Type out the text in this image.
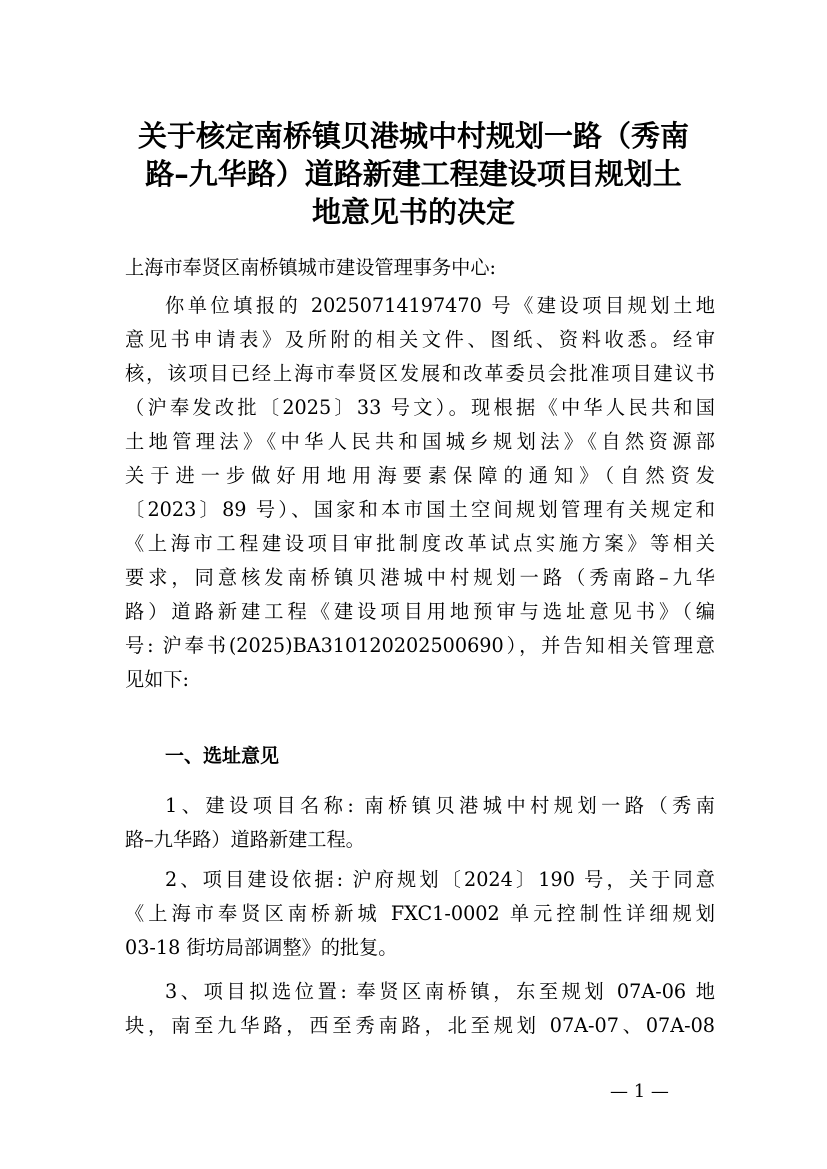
关于核定南桥镇贝港城中村规划一路（秀南
路–九华路）道路新建工程建设项目规划土
地意见书的决定
上海市奉贤区南桥镇城市建设管理事务中心:
你单位填报的 20250714197470 号《建设项目规划土地
意见书申请表》及所附的相关文件、图纸、资料收悉。经审
核，该项目已经上海市奉贤区发展和改革委员会批准项目建议书
（沪奉发改批〔2025〕33 号文）。现根据《中华人民共和国
土地管理法》《中华人民共和国城乡规划法》《自然资源部
关于进一步做好用地用海要素保障的通知》（自然资发
〔2023〕89 号）、国家和本市国土空间规划管理有关规定和
《上海市工程建设项目审批制度改革试点实施方案》等相关
要求，同意核发南桥镇贝港城中村规划一路（秀南路–九华
路）道路新建工程《建设项目用地预审与选址意见书》（编
号: 沪奉书(2025)BA310120202500690），并告知相关管理意
见如下:
一、选址意见
1、建设项目名称: 南桥镇贝港城中村规划一路（秀南
路–九华路）道路新建工程。
2、项目建设依据: 沪府规划〔2024〕190 号，关于同意
《上海市奉贤区南桥新城 FXC1-0002 单元控制性详细规划
03-18 街坊局部调整》的批复。
3、项目拟选位置: 奉贤区南桥镇，东至规划 07A-06 地
块，南至九华路，西至秀南路，北至规划 07A-07、07A-08
— 1 —
